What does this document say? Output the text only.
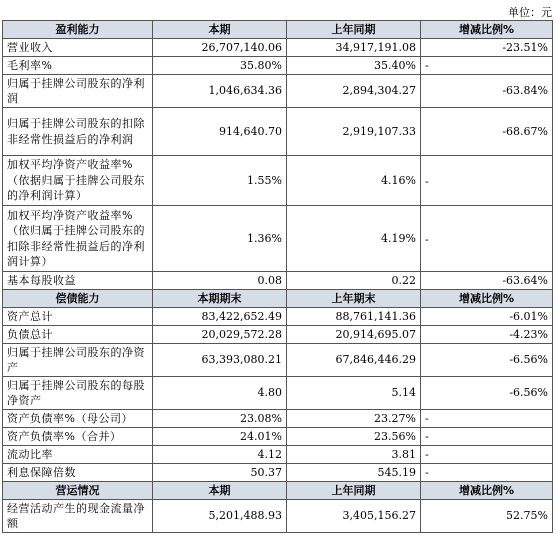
单位：元
盈利能力	本期	上年同期	增减比例%
营业收入	26,707,140.06	34,917,191.08	-23.51%
毛利率%	35.80%	35.40%	-
归属于挂牌公司股东的净利润	1,046,634.36	2,894,304.27	-63.84%
归属于挂牌公司股东的扣除非经常性损益后的净利润	914,640.70	2,919,107.33	-68.67%
加权平均净资产收益率%（依据归属于挂牌公司股东的净利润计算）	1.55%	4.16%	-
加权平均净资产收益率%（依归属于挂牌公司股东的扣除非经常性损益后的净利润计算）	1.36%	4.19%	-
基本每股收益	0.08	0.22	-63.64%
偿债能力	本期期末	上年期末	增减比例%
资产总计	83,422,652.49	88,761,141.36	-6.01%
负债总计	20,029,572.28	20,914,695.07	-4.23%
归属于挂牌公司股东的净资产	63,393,080.21	67,846,446.29	-6.56%
归属于挂牌公司股东的每股净资产	4.80	5.14	-6.56%
资产负债率%（母公司）	23.08%	23.27%	-
资产负债率%（合并）	24.01%	23.56%	-
流动比率	4.12	3.81	-
利息保障倍数	50.37	545.19	-
营运情况	本期	上年同期	增减比例%
经营活动产生的现金流量净额	5,201,488.93	3,405,156.27	52.75%
